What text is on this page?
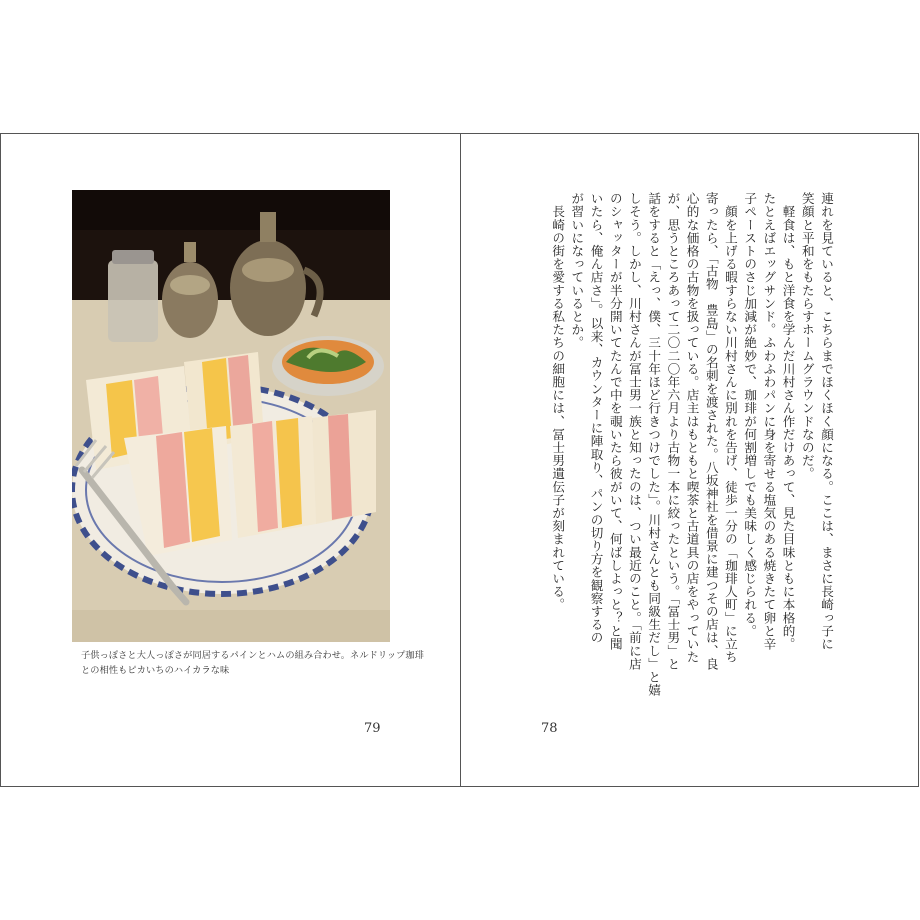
子供っぽさと大人っぽさが同居するパインとハムの組み合わせ。ネルドリップ珈琲
との相性もピカいちのハイカラな味
79
連れを見ていると、こちらまでほくほく顔になる。ここは、まさに長崎っ子に
笑顔と平和をもたらすホームグラウンドなのだ。
　軽食は、もと洋食を学んだ川村さん作だけあって、見た目味ともに本格的。
たとえばエッグサンド。ふわふわパンに身を寄せる塩気のある焼きたて卵と辛
子ペーストのさじ加減が絶妙で、珈琲が何割増しでも美味しく感じられる。
　顔を上げる暇すらない川村さんに別れを告げ、徒歩一分の「珈琲人町」に立ち
寄ったら、「古物　豊島」の名刺を渡された。八坂神社を借景に建つその店は、良
心的な価格の古物を扱っている。店主はもともと喫茶と古道具の店をやっていた
が、思うところあって二〇二〇年六月より古物一本に絞ったという。「冨士男」と
話をすると「えっ、僕、三十年ほど行きつけでした」。川村さんとも同級生だし」と嬉
しそう。しかし、川村さんが冨士男一族と知ったのは、つい最近のこと。「前に店
のシャッターが半分開いてたんで中を覗いたら彼がいて、何ばしよっと？と聞
いたら、俺ん店さ」。以来、カウンターに陣取り、パンの切り方を観察するの
が習いになっているとか。
　長崎の街を愛する私たちの細胞には、冨士男遺伝子が刻まれている。
78
